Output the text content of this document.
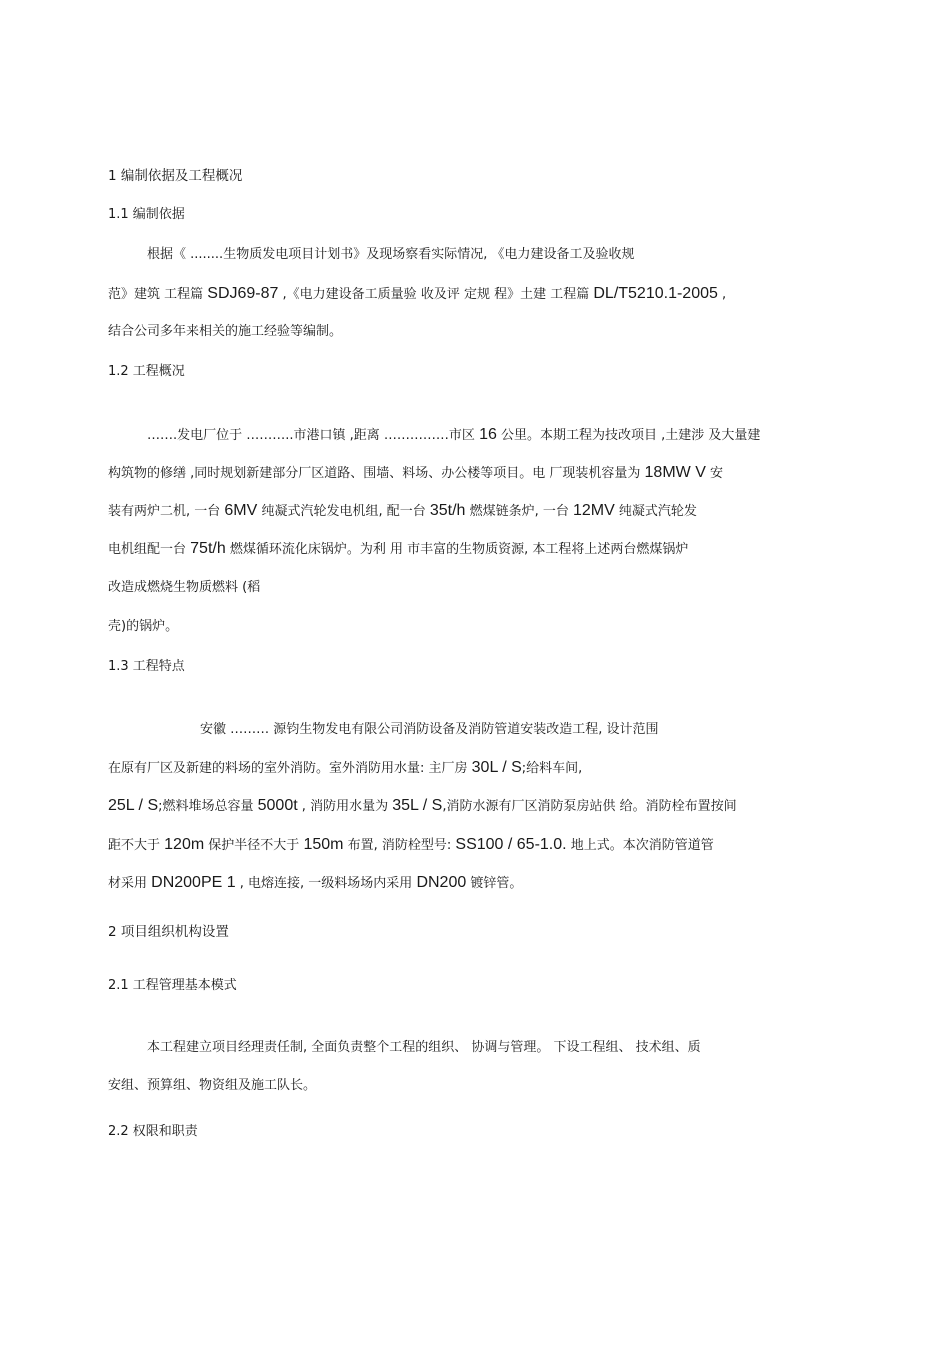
1 编制依据及工程概况
1.1 编制依据
根据《 ........生物质发电项目计划书》及现场察看实际情况, 《电力建设备工及验收规
范》建筑 工程篇 SDJ69-87 ,《电力建设备工质量验 收及评 定规 程》土建 工程篇 DL/T5210.1-2005 ,
结合公司多年来相关的施工经验等编制。
1.2 工程概况
…….发电厂位于 ………..市港口镇 ,距离 ……………市区 16 公里。本期工程为技改项目 ,土建涉 及大量建
构筑物的修缮 ,同时规划新建部分厂区道路、围墙、料场、办公楼等项目。电 厂现装机容量为 18MW V 安
装有两炉二机, 一台 6MV 纯凝式汽轮发电机组, 配一台 35t/h 燃煤链条炉, 一台 12MV 纯凝式汽轮发
电机组配一台 75t/h 燃煤循环流化床锅炉。为利 用 市丰富的生物质资源, 本工程将上述两台燃煤锅炉
改造成燃烧生物质燃料 (稻
壳)的锅炉。
1.3 工程特点
安徽 ……… 源钧生物发电有限公司消防设备及消防管道安装改造工程, 设计范围
在原有厂区及新建的料场的室外消防。室外消防用水量: 主厂房 30L / S;给料车间,
25L / S;燃料堆场总容量 5000t , 消防用水量为 35L / S,消防水源有厂区消防泵房站供 给。消防栓布置按间
距不大于 120m 保护半径不大于 150m 布置, 消防栓型号: SS100 / 65-1.0. 地上式。本次消防管道管
材采用 DN200PE 1 , 电熔连接, 一级料场场内采用 DN200 镀锌管。
2 项目组织机构设置
2.1 工程管理基本模式
本工程建立项目经理责任制, 全面负责整个工程的组织、 协调与管理。 下设工程组、 技术组、质
安组、预算组、物资组及施工队长。
2.2 权限和职责
